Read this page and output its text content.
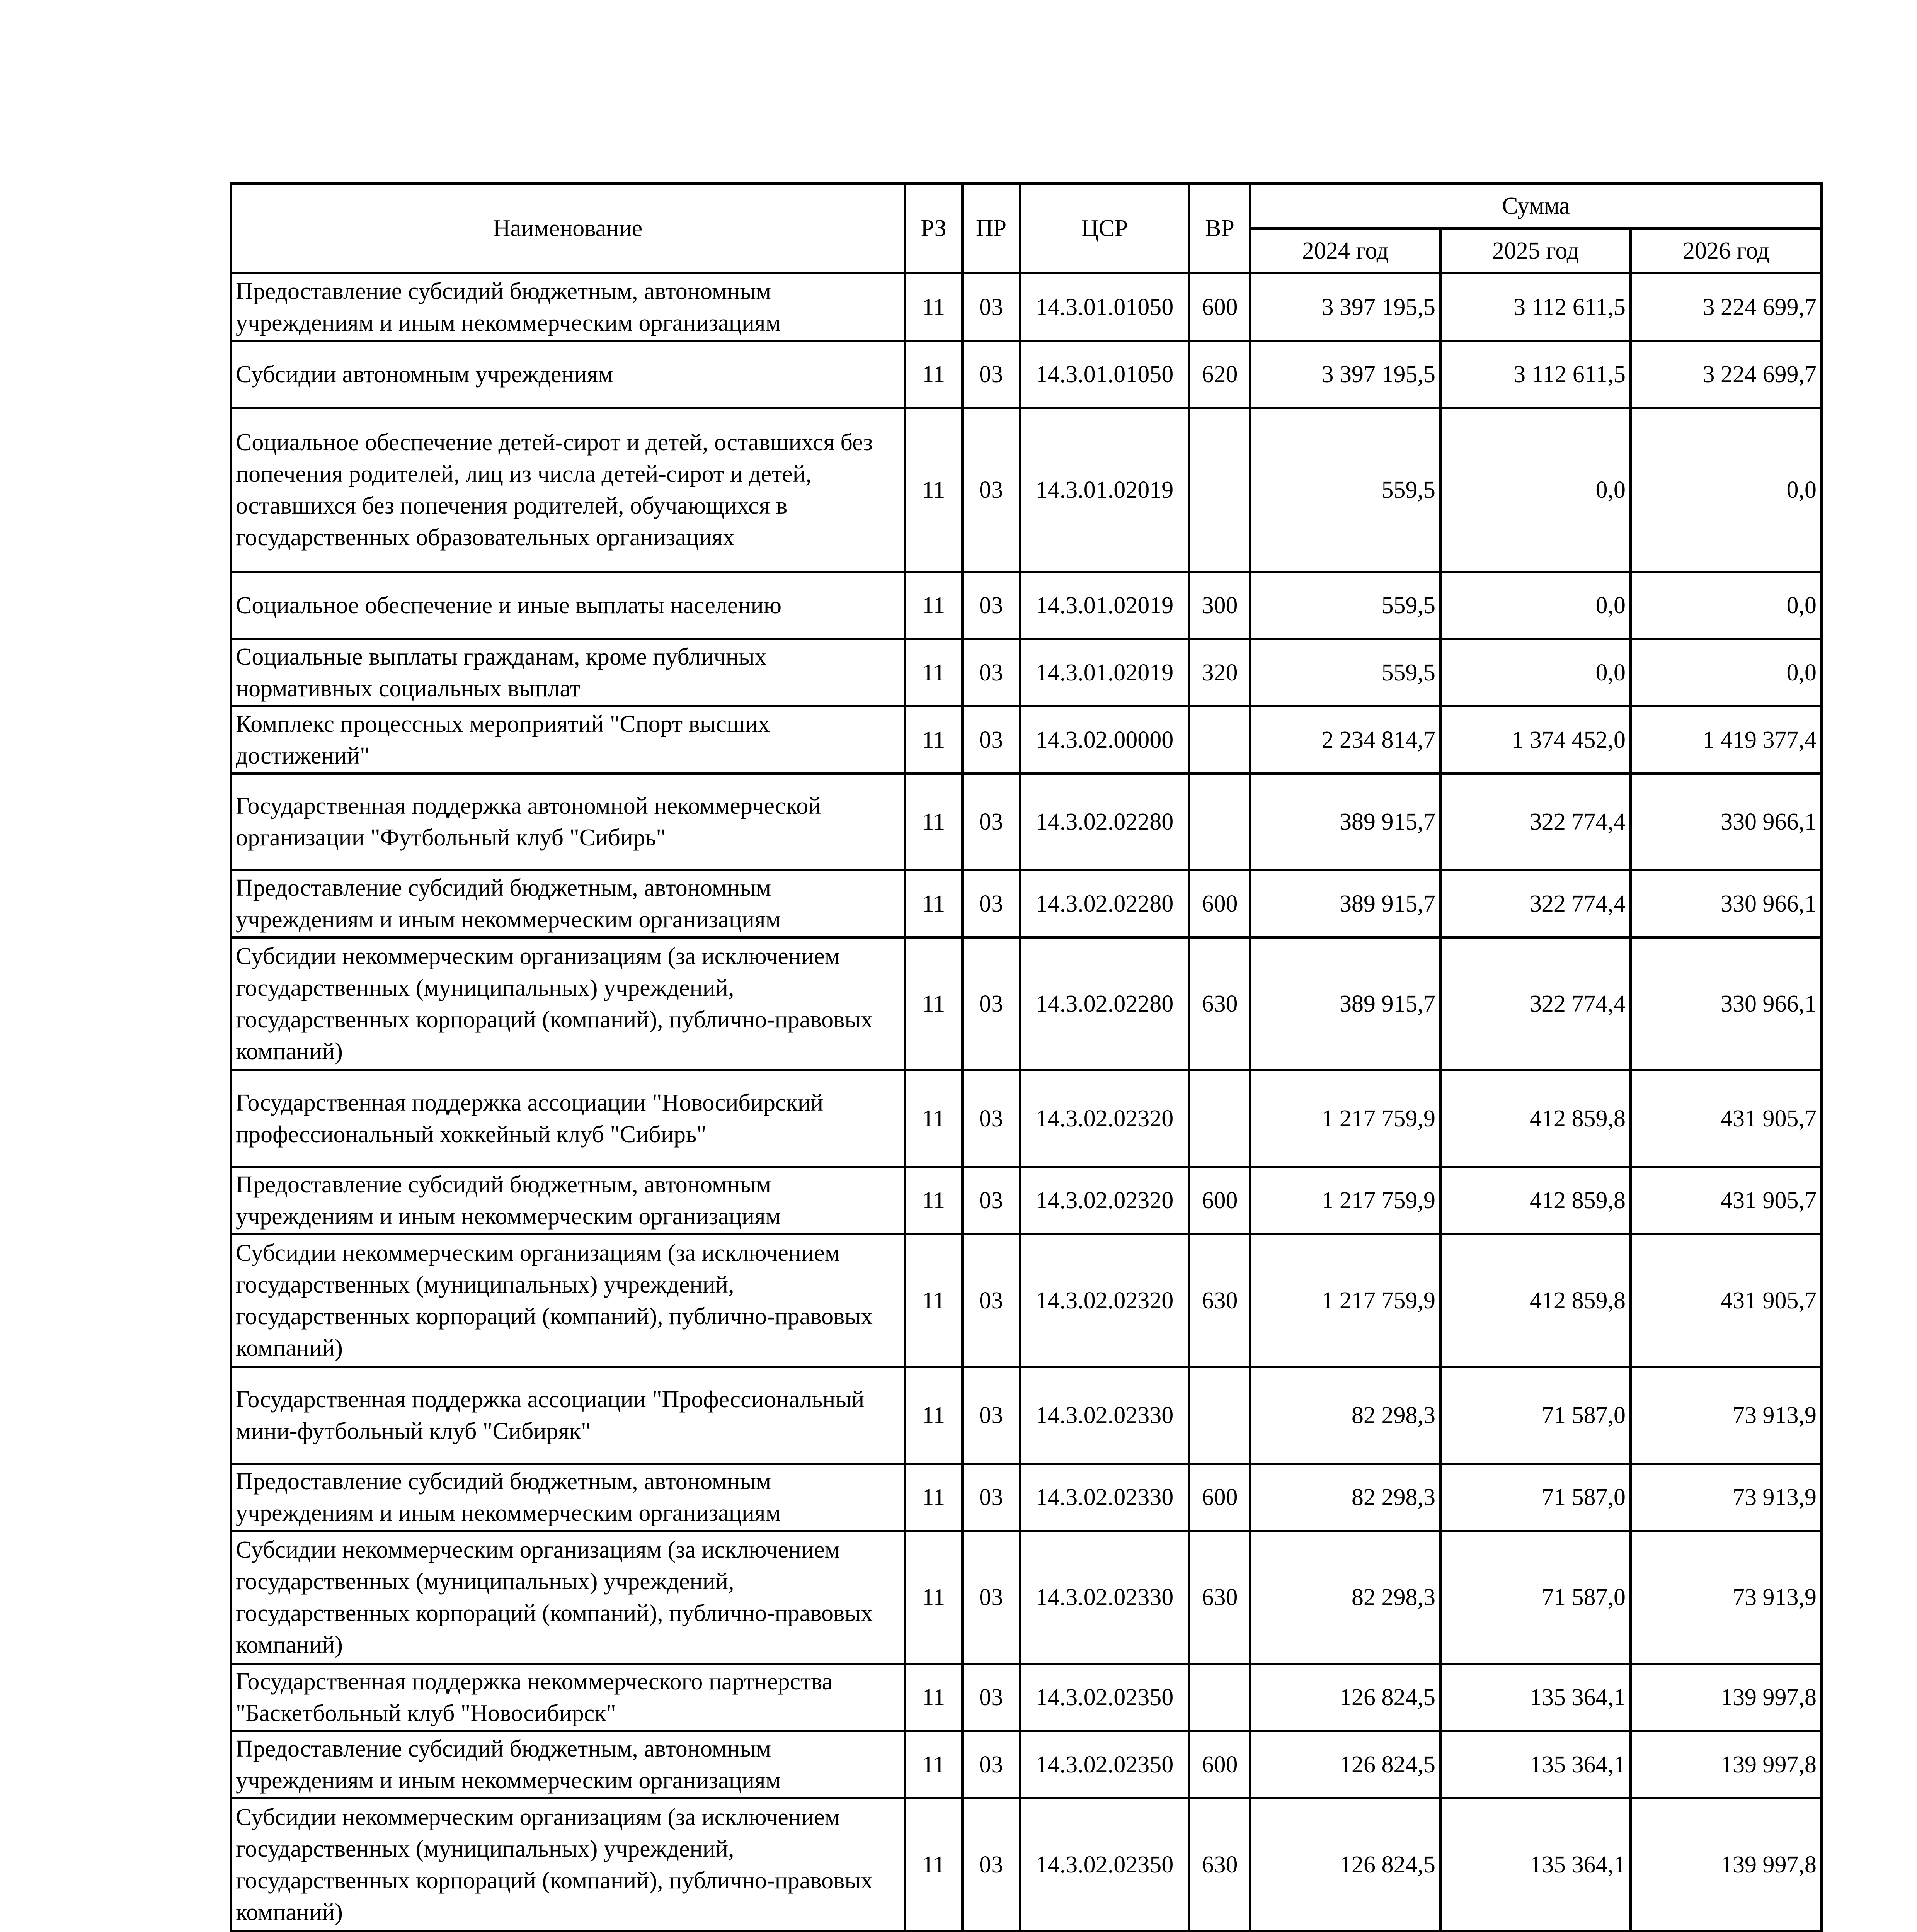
Наименование	РЗ	ПР	ЦСР	ВР	Сумма		
					2024 год	2025 год	2026 год
Предоставление субсидий бюджетным, автономным учреждениям и иным некоммерческим организациям	11	03	14.3.01.01050	600	3 397 195,5	3 112 611,5	3 224 699,7
Субсидии автономным учреждениям	11	03	14.3.01.01050	620	3 397 195,5	3 112 611,5	3 224 699,7
Социальное обеспечение детей-сирот и детей, оставшихся без попечения родителей, лиц из числа детей-сирот и детей, оставшихся без попечения родителей, обучающихся в государственных образовательных организациях	11	03	14.3.01.02019		559,5	0,0	0,0
Социальное обеспечение и иные выплаты населению	11	03	14.3.01.02019	300	559,5	0,0	0,0
Социальные выплаты гражданам, кроме публичных нормативных социальных выплат	11	03	14.3.01.02019	320	559,5	0,0	0,0
Комплекс процессных мероприятий "Спорт высших достижений"	11	03	14.3.02.00000		2 234 814,7	1 374 452,0	1 419 377,4
Государственная поддержка автономной некоммерческой организации "Футбольный клуб "Сибирь"	11	03	14.3.02.02280		389 915,7	322 774,4	330 966,1
Предоставление субсидий бюджетным, автономным учреждениям и иным некоммерческим организациям	11	03	14.3.02.02280	600	389 915,7	322 774,4	330 966,1
Субсидии некоммерческим организациям (за исключением государственных (муниципальных) учреждений, государственных корпораций (компаний), публично-правовых компаний)	11	03	14.3.02.02280	630	389 915,7	322 774,4	330 966,1
Государственная поддержка ассоциации "Новосибирский профессиональный хоккейный клуб "Сибирь"	11	03	14.3.02.02320		1 217 759,9	412 859,8	431 905,7
Предоставление субсидий бюджетным, автономным учреждениям и иным некоммерческим организациям	11	03	14.3.02.02320	600	1 217 759,9	412 859,8	431 905,7
Субсидии некоммерческим организациям (за исключением государственных (муниципальных) учреждений, государственных корпораций (компаний), публично-правовых компаний)	11	03	14.3.02.02320	630	1 217 759,9	412 859,8	431 905,7
Государственная поддержка ассоциации "Профессиональный мини-футбольный клуб "Сибиряк"	11	03	14.3.02.02330		82 298,3	71 587,0	73 913,9
Предоставление субсидий бюджетным, автономным учреждениям и иным некоммерческим организациям	11	03	14.3.02.02330	600	82 298,3	71 587,0	73 913,9
Субсидии некоммерческим организациям (за исключением государственных (муниципальных) учреждений, государственных корпораций (компаний), публично-правовых компаний)	11	03	14.3.02.02330	630	82 298,3	71 587,0	73 913,9
Государственная поддержка некоммерческого партнерства "Баскетбольный клуб "Новосибирск"	11	03	14.3.02.02350		126 824,5	135 364,1	139 997,8
Предоставление субсидий бюджетным, автономным учреждениям и иным некоммерческим организациям	11	03	14.3.02.02350	600	126 824,5	135 364,1	139 997,8
Субсидии некоммерческим организациям (за исключением государственных (муниципальных) учреждений, государственных корпораций (компаний), публично-правовых компаний)	11	03	14.3.02.02350	630	126 824,5	135 364,1	139 997,8
